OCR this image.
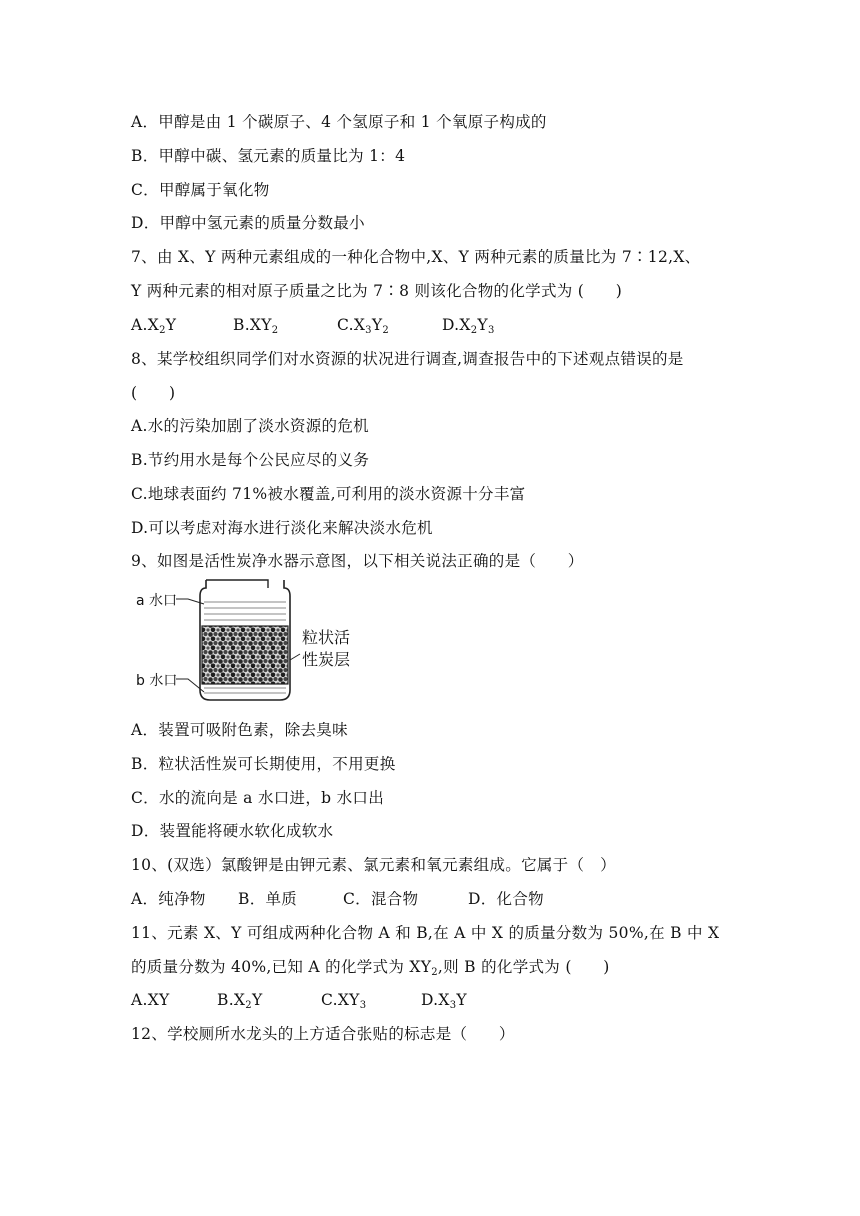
A．甲醇是由 1 个碳原子、4 个氢原子和 1 个氧原子构成的
B．甲醇中碳、氢元素的质量比为 1：4
C．甲醇属于氧化物
D．甲醇中氢元素的质量分数最小
7、由 X、Y 两种元素组成的一种化合物中,X、Y 两种元素的质量比为 7∶12,X、
Y 两种元素的相对原子质量之比为 7∶8 则该化合物的化学式为 (　　)
$A.X_2Y$	$B.XY_2$	$C.X_3Y_2$	$D.X_2Y_3$
8、某学校组织同学们对水资源的状况进行调查,调查报告中的下述观点错误的是
(　　)
A.水的污染加剧了淡水资源的危机
B.节约用水是每个公民应尽的义务
C.地球表面约 71%被水覆盖,可利用的淡水资源十分丰富
D.可以考虑对海水进行淡化来解决淡水危机
9、如图是活性炭净水器示意图，以下相关说法正确的是（　　）
a 水口
b 水口
粒状活
性炭层
A．装置可吸附色素，除去臭味
B．粒状活性炭可长期使用，不用更换
C．水的流向是 a 水口进，b 水口出
D．装置能将硬水软化成软水
10、(双选）氯酸钾是由钾元素、氯元素和氧元素组成。它属于（　）
A．纯净物 B．单质	C．混合物	D．化合物
11、元素 X、Y 可组成两种化合物 A 和 B,在 A 中 X 的质量分数为 50%,在 B 中 X
的质量分数为 40%,已知 A 的化学式为 $XY_2$,则 B 的化学式为 (　　)
A.XY	$B.X_2Y$	$C.XY_3$	$D.X_3Y$
12、学校厕所水龙头的上方适合张贴的标志是（　　）
